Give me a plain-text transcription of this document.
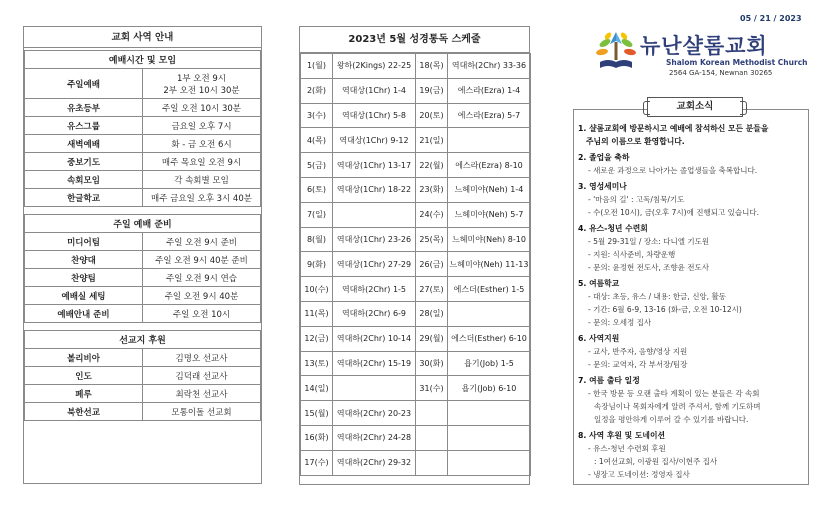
교회 사역 안내
예배시간 및 모임	
주일예배	1부 오전 9시
2부 오전 10시 30분

유초등부	주일 오전 10시 30분
유스그룹	금요일 오후 7시
새벽예배	화 - 금 오전 6시
중보기도	매주 목요일 오전 9시
속회모임	각 속회별 모임
한글학교	매주 금요일 오후 3시 40분
주일 예배 준비	
미디어팀	주일 오전 9시 준비
찬양대	주일 오전 9시 40분 준비
찬양팀	주일 오전 9시 연습
예배실 세팅	주일 오전 9시 40분
예배안내 준비	주일 오전 10시
선교지 후원	
볼리비아	김명오 선교사
인도	김덕래 선교사
페루	최락천 선교사
북한선교	모통이돌 선교회
2023년 5월 성경통독 스케줄
1(월)	왕하(2Kings) 22-25	18(목)	역대하(2Chr) 33-36
2(화)	역대상(1Chr) 1-4	19(금)	에스라(Ezra) 1-4
3(수)	역대상(1Chr) 5-8	20(토)	에스라(Ezra) 5-7
4(목)	역대상(1Chr) 9-12	21(일)	
5(금)	역대상(1Chr) 13-17	22(월)	에스라(Ezra) 8-10
6(토)	역대상(1Chr) 18-22	23(화)	느헤미야(Neh) 1-4
7(일)		24(수)	느헤미야(Neh) 5-7
8(월)	역대상(1Chr) 23-26	25(목)	느헤미야(Neh) 8-10
9(화)	역대상(1Chr) 27-29	26(금)	느헤미야(Neh) 11-13
10(수)	역대하(2Chr) 1-5	27(토)	에스더(Esther) 1-5
11(목)	역대하(2Chr) 6-9	28(일)	
12(금)	역대하(2Chr) 10-14	29(월)	에스더(Esther) 6-10
13(토)	역대하(2Chr) 15-19	30(화)	욥기(Job) 1-5
14(일)		31(수)	욥기(Job) 6-10
15(월)	역대하(2Chr) 20-23		
16(화)	역대하(2Chr) 24-28		
17(수)	역대하(2Chr) 29-32		
05 / 21 / 2023
뉴난샬롬교회
Shalom Korean Methodist Church
2564 GA-154, Newnan 30265
교회소식
1. 샬롬교회에 방문하시고 예배에 참석하신 모든 분들을
주님의 이름으로 환영합니다.
2. 졸업을 축하
- 새로운 과정으로 나아가는 졸업생들을 축복합니다.
3. 영성세미나
- '마음의 길' : 고독/침묵/기도
- 수(오전 10시), 금(오후 7시)에 진행되고 있습니다.
4. 유스-청년 수련회
- 5월 29-31일 / 장소: 다니엘 기도원
- 지원: 식사준비, 차량운행
- 문의: 윤정현 전도사, 조향윤 전도사
5. 여름학교
- 대상: 초등, 유스 / 내용: 한글, 신앙, 활동
- 기간: 6월 6-9, 13-16 (화-금, 오전 10-12시)
- 문의: 오세정 집사
6. 사역지원
- 교사, 반주자, 음향/영상 지원
- 문의: 교역자, 각 부서장/팀장
7. 여름 출타 일정
- 한국 방문 등 오랜 출타 계획이 있는 분들은 각 속회
속장님이나 목회자에게 알려 주셔서, 함께 기도하며
일정을 평안하게 이루어 갈 수 있기를 바랍니다.
8. 사역 후원 및 도네이션
- 유스-청년 수련회 후원
: 1여선교회, 이광원 집사/이현주 집사
- 냉장고 도네이션: 정영자 집사
